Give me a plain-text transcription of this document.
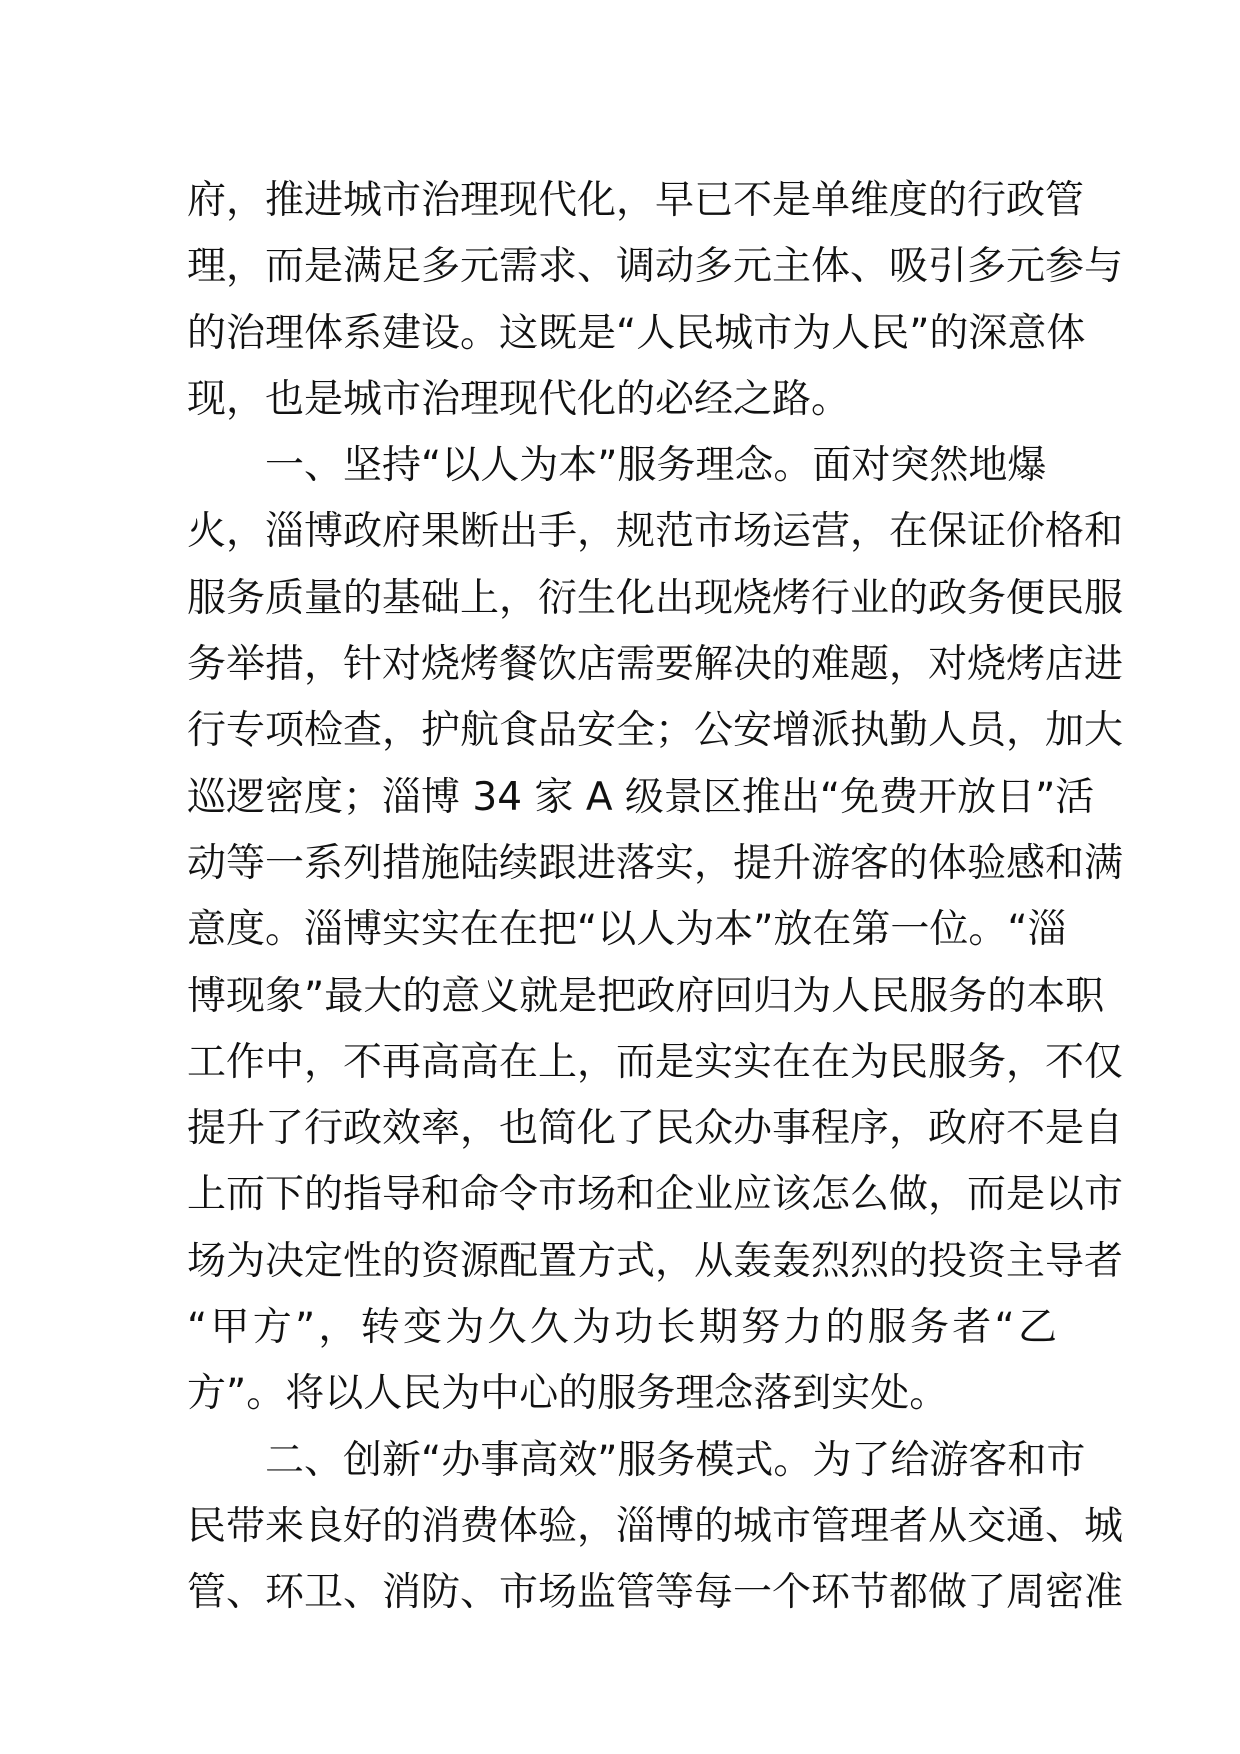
府，推进城市治理现代化，早已不是单维度的行政管
理，而是满足多元需求、调动多元主体、吸引多元参与
的治理体系建设。这既是“人民城市为人民”的深意体
现，也是城市治理现代化的必经之路。
一、坚持“以人为本”服务理念。面对突然地爆
火，淄博政府果断出手，规范市场运营，在保证价格和
服务质量的基础上，衍生化出现烧烤行业的政务便民服
务举措，针对烧烤餐饮店需要解决的难题，对烧烤店进
行专项检查，护航食品安全；公安增派执勤人员，加大
巡逻密度；淄博 34 家 A 级景区推出“免费开放日”活
动等一系列措施陆续跟进落实，提升游客的体验感和满
意度。淄博实实在在把“以人为本”放在第一位。“淄
博现象”最大的意义就是把政府回归为人民服务的本职
工作中，不再高高在上，而是实实在在为民服务，不仅
提升了行政效率，也简化了民众办事程序，政府不是自
上而下的指导和命令市场和企业应该怎么做，而是以市
场为决定性的资源配置方式，从轰轰烈烈的投资主导者
“甲方”，转变为久久为功长期努力的服务者“乙
方”。将以人民为中心的服务理念落到实处。
二、创新“办事高效”服务模式。为了给游客和市
民带来良好的消费体验，淄博的城市管理者从交通、城
管、环卫、消防、市场监管等每一个环节都做了周密准
